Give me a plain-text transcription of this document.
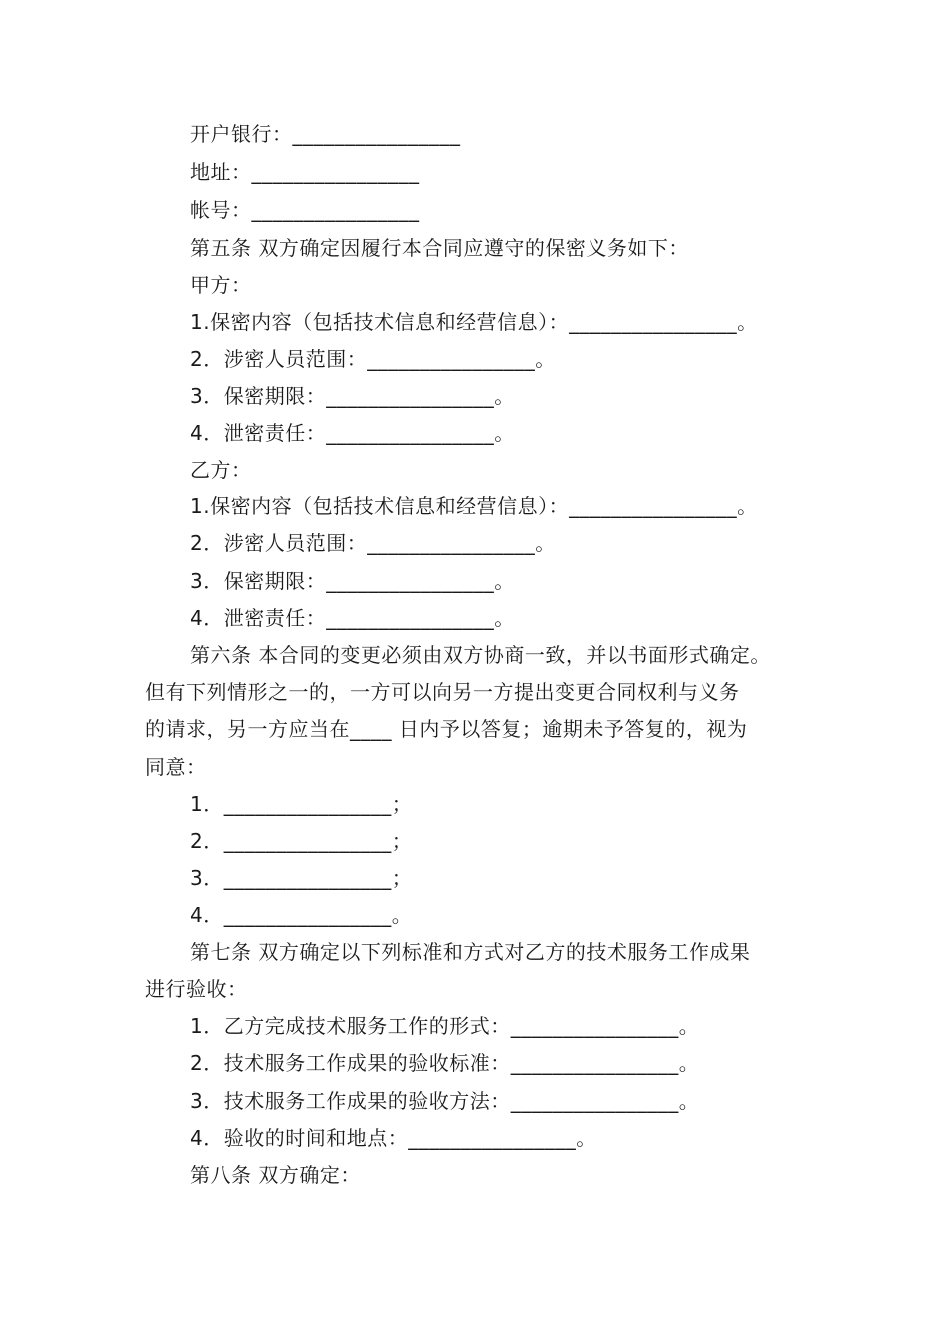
开户银行：________________
地址：________________
帐号：________________
第五条 双方确定因履行本合同应遵守的保密义务如下：
甲方：
1.保密内容（包括技术信息和经营信息）：________________。
2．涉密人员范围：________________。
3．保密期限：________________。
4．泄密责任：________________。
乙方：
1.保密内容（包括技术信息和经营信息）：________________。
2．涉密人员范围：________________。
3．保密期限：________________。
4．泄密责任：________________。
第六条 本合同的变更必须由双方协商一致，并以书面形式确定。
但有下列情形之一的，一方可以向另一方提出变更合同权利与义务
的请求，另一方应当在____ 日内予以答复；逾期未予答复的，视为
同意：
1．________________；
2．________________；
3．________________；
4．________________。
第七条 双方确定以下列标准和方式对乙方的技术服务工作成果
进行验收：
1．乙方完成技术服务工作的形式：________________。
2．技术服务工作成果的验收标准：________________。
3．技术服务工作成果的验收方法：________________。
4．验收的时间和地点：________________。
第八条 双方确定：
